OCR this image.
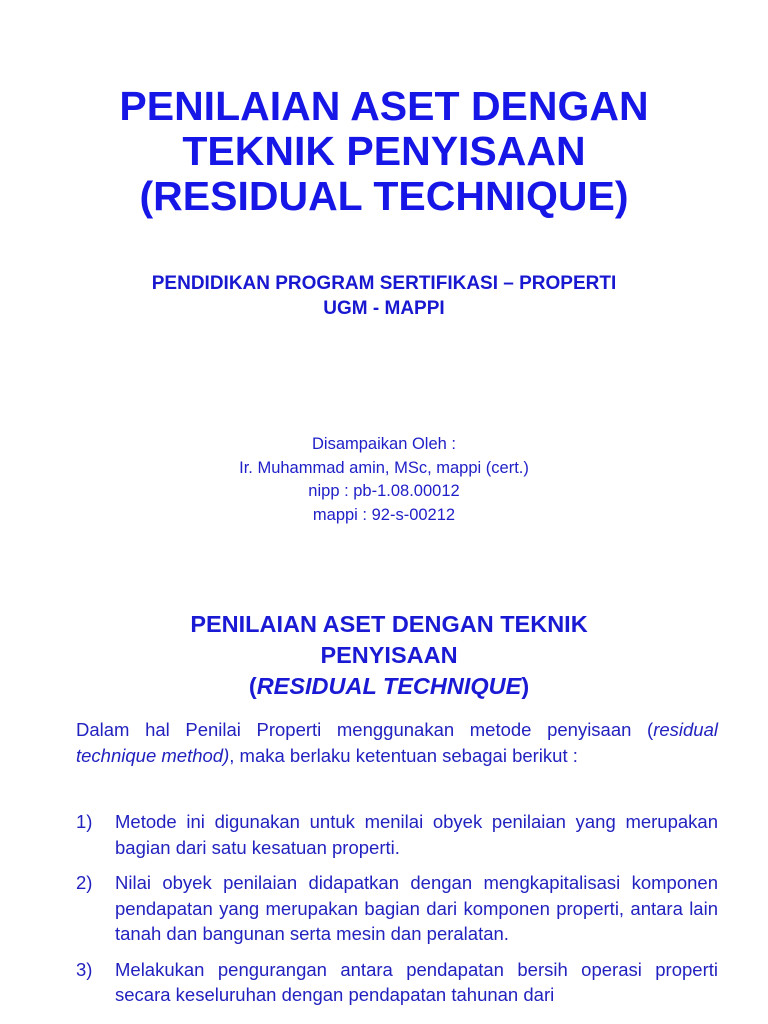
PENILAIAN ASET DENGAN
TEKNIK PENYISAAN
(RESIDUAL TECHNIQUE)
PENDIDIKAN PROGRAM SERTIFIKASI – PROPERTI
UGM - MAPPI
Disampaikan Oleh :
Ir. Muhammad amin, MSc, mappi (cert.)
nipp : pb-1.08.00012
mappi : 92-s-00212
PENILAIAN ASET DENGAN TEKNIK
PENYISAAN
(RESIDUAL TECHNIQUE)

Dalam hal Penilai Properti menggunakan metode penyisaan (residual technique method), maka berlaku ketentuan sebagai berikut :

1) Metode ini digunakan untuk menilai obyek penilaian yang merupakan bagian dari satu kesatuan properti.
2) Nilai obyek penilaian didapatkan dengan mengkapitalisasi komponen pendapatan yang merupakan bagian dari komponen properti, antara lain tanah dan bangunan serta mesin dan peralatan.
3) Melakukan pengurangan antara pendapatan bersih operasi properti secara keseluruhan dengan pendapatan tahunan dari
